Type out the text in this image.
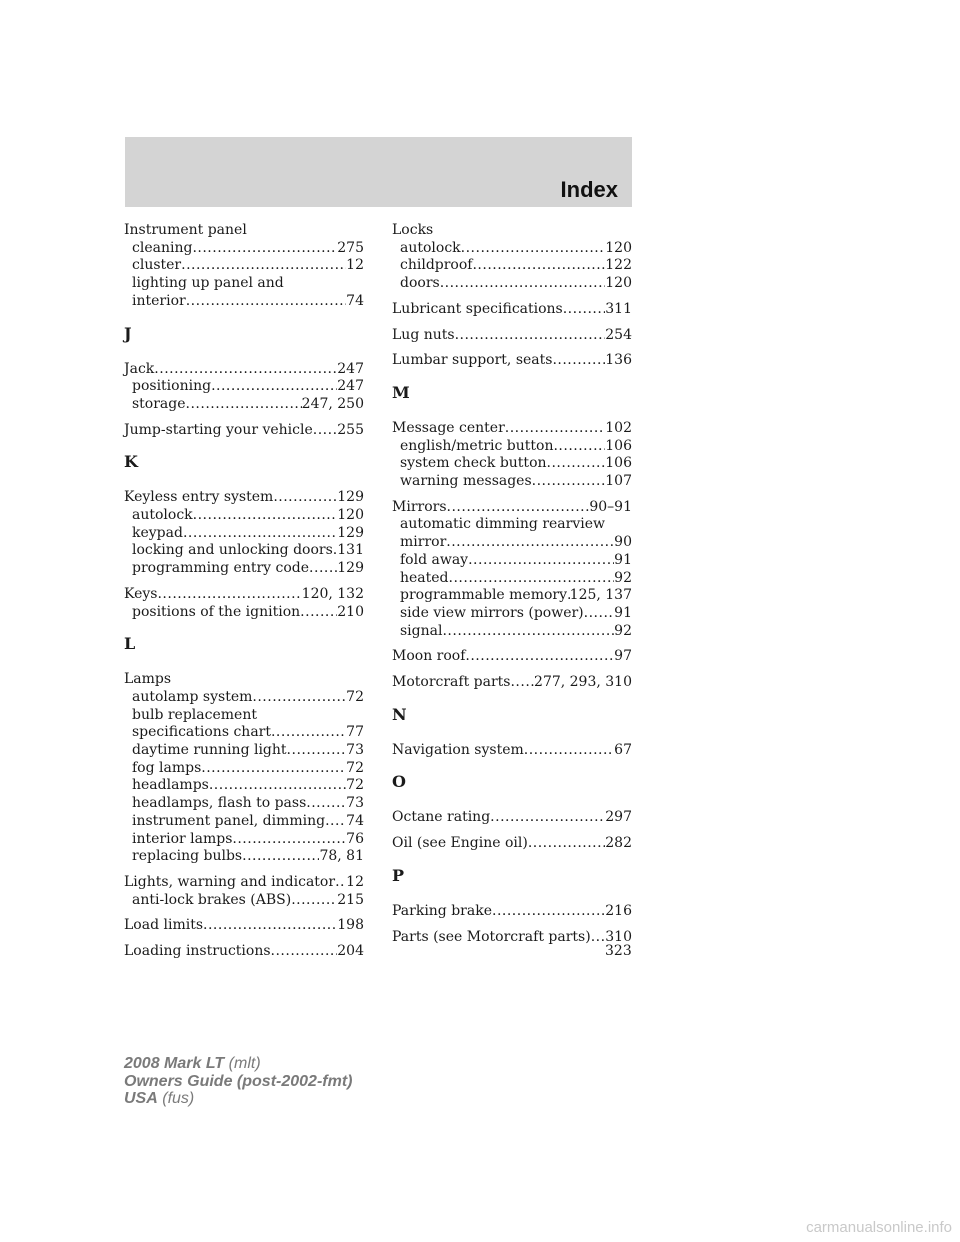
Index
Instrument panel
cleaning .....	275
cluster .....	12
lighting up panel and
interior .....	74
J
Jack .....	247
positioning .....	247
storage .....	247, 250
Jump-starting your vehicle ..... 255
K
Keyless entry system .....	129
autolock .....	120
keypad .....	129
locking and unlocking doors ..... 131
programming entry code ..... 129
Keys .....	120, 132
positions of the ignition .....	210
L
Lamps
autolamp system .....	72
bulb replacement
specifications chart .....	77
daytime running light .....	73
fog lamps .....	72
headlamps .....	72
headlamps, flash to pass .....	73
instrument panel, dimming ..... 74
interior lamps .....	76
replacing bulbs .....	78, 81
Lights, warning and indicator ..... 12
anti-lock brakes (ABS) .....	215
Load limits .....	198
Loading instructions .....	204
Locks
autolock .....	120
childproof .....	122
doors .....	120
Lubricant specifications .....	311
Lug nuts .....	254
Lumbar support, seats .....	136
M
Message center .....	102
english/metric button .....	106
system check button .....	106
warning messages .....	107
Mirrors .....	90–91
automatic dimming rearview
mirror .....	90
fold away .....	91
heated .....	92
programmable memory ..... 125, 137
side view mirrors (power) ..... 91
signal .....	92
Moon roof .....	97
Motorcraft parts ..... 277, 293, 310
N
Navigation system .....	67
O
Octane rating .....	297
Oil (see Engine oil) .....	282
P
Parking brake .....	216
Parts (see Motorcraft parts) ..... 310
323
2008 Mark LT (mlt)
Owners Guide (post-2002-fmt)
USA (fus)
carmanualsonline.info
